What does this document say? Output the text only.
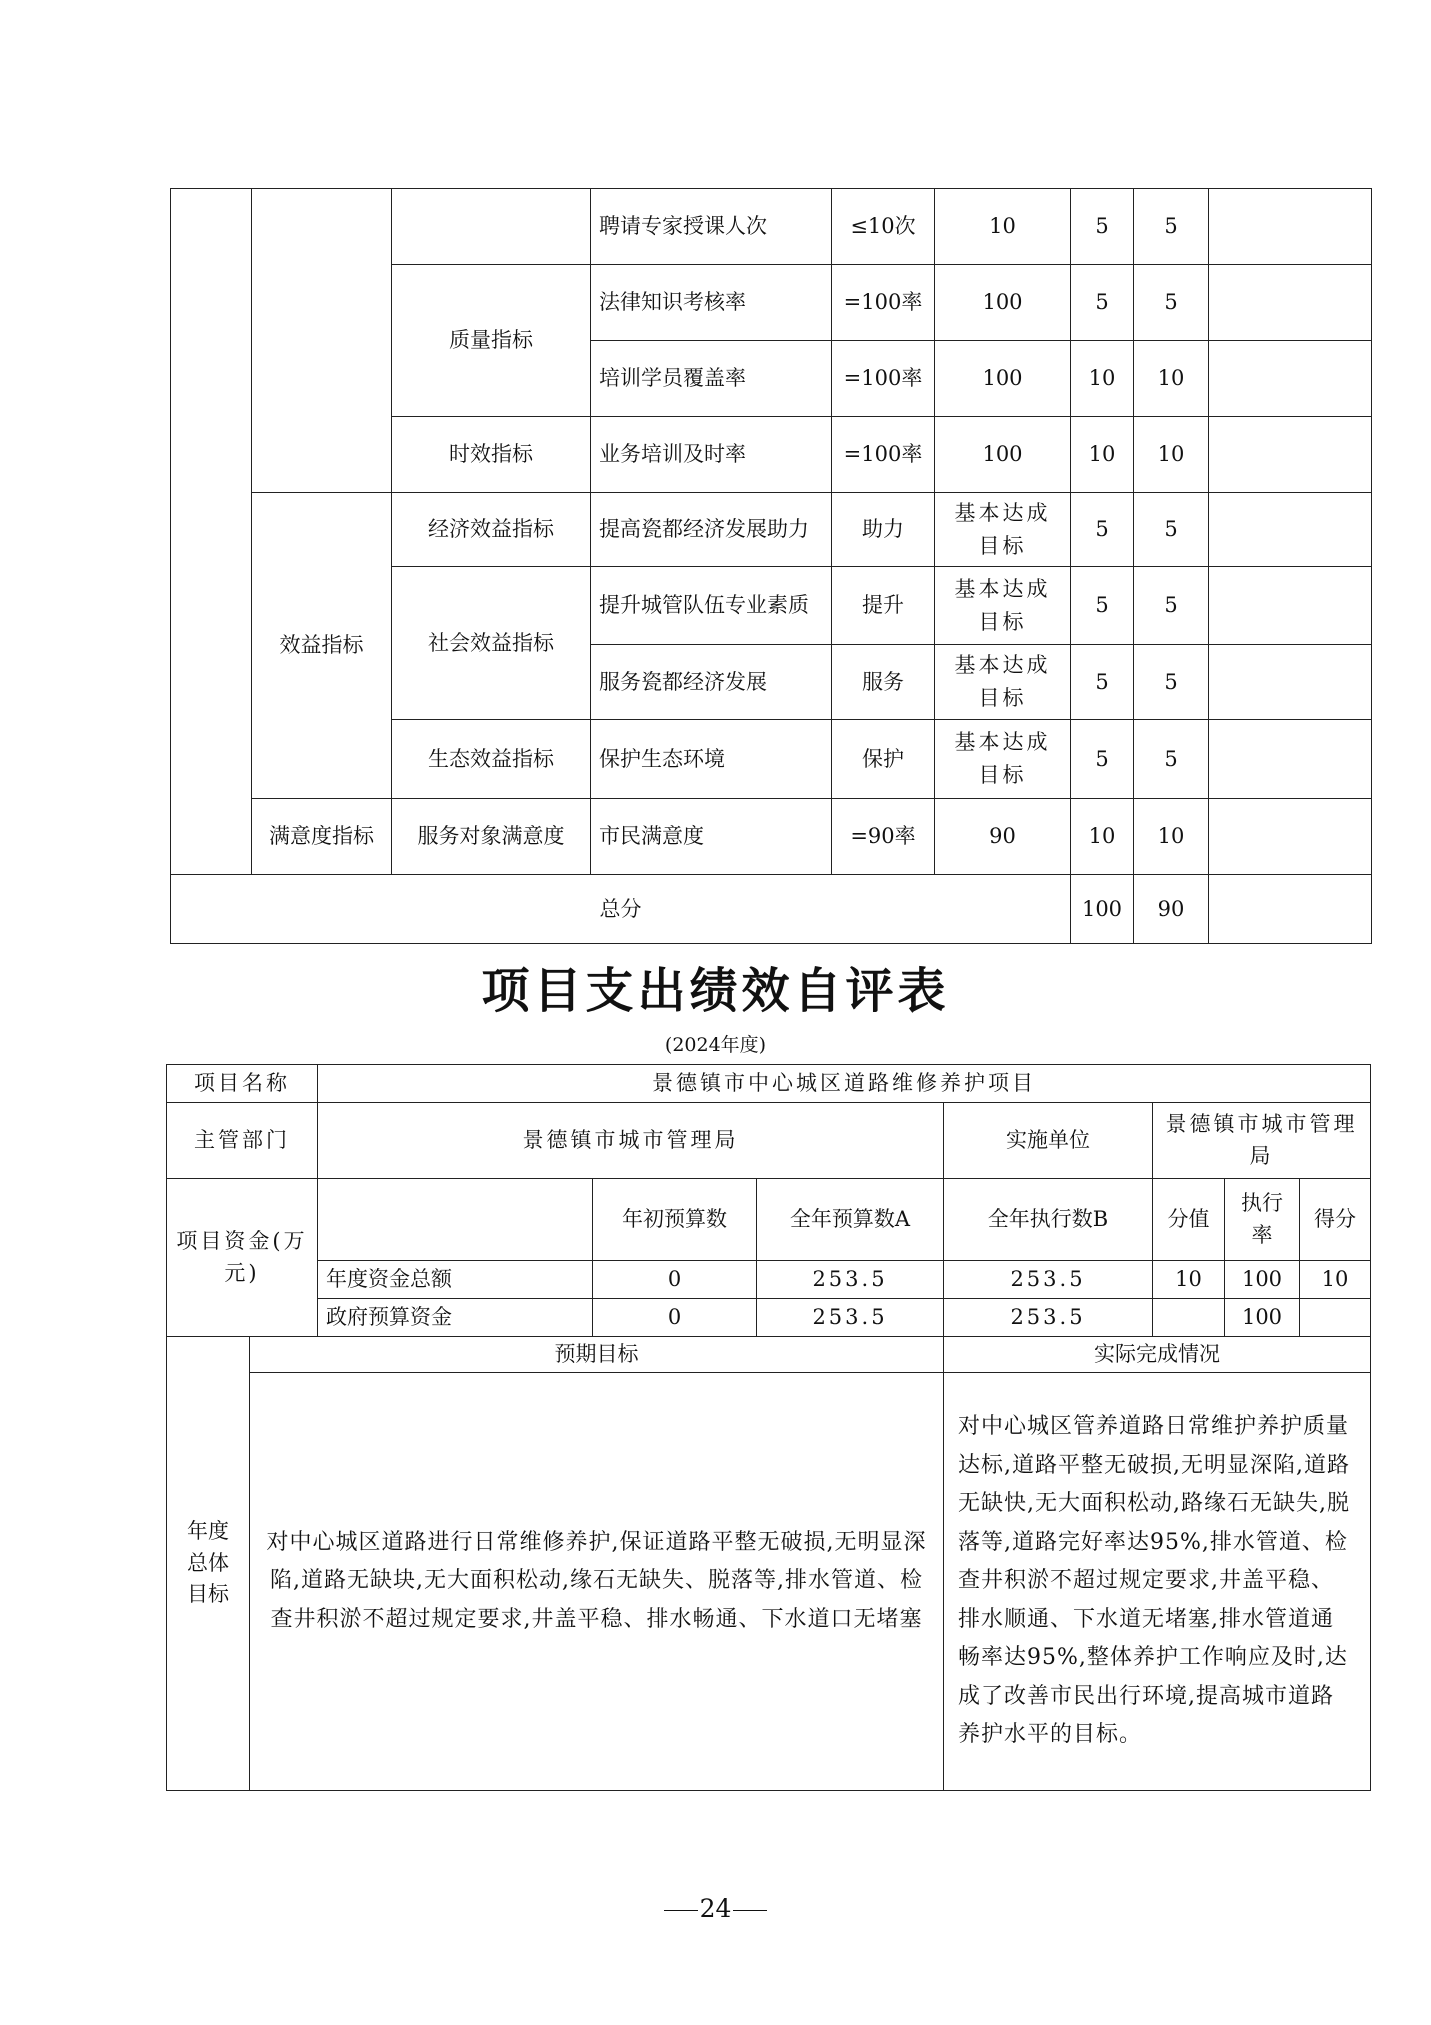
			聘请专家授课人次	≤10次	10	5	5	
		质量指标	法律知识考核率	=100率	100	5	5	
			培训学员覆盖率	=100率	100	10	10	
		时效指标	业务培训及时率	=100率	100	10	10	
	效益指标	经济效益指标	提高瓷都经济发展助力	助力	基本达成目标	5	5	
		社会效益指标	提升城管队伍专业素质	提升	基本达成目标	5	5	
			服务瓷都经济发展	服务	基本达成目标	5	5	
		生态效益指标	保护生态环境	保护	基本达成目标	5	5	
	满意度指标	服务对象满意度	市民满意度	=90率	90	10	10	
总分						100	90	
项目支出绩效自评表
(2024年度)
项目名称		景德镇市中心城区道路维修养护项目						
主管部门		景德镇市城市管理局			实施单位	景德镇市城市管理局		
项目资金(万元)			年初预算数	全年预算数A	全年执行数B	分值	执行率	得分
		年度资金总额	0	253.5	253.5	10	100	10
		政府预算资金	0	253.5	253.5		100	
年度总体目标	预期目标				实际完成情况			
	对中心城区道路进行日常维修养护,保证道路平整无破损,无明显深陷,道路无缺块,无大面积松动,缘石无缺失、脱落等,排水管道、检查井积淤不超过规定要求,井盖平稳、排水畅通、下水道口无堵塞				对中心城区管养道路日常维护养护质量达标,道路平整无破损,无明显深陷,道路无缺快,无大面积松动,路缘石无缺失,脱落等,道路完好率达95%,排水管道、检查井积淤不超过规定要求,井盖平稳、排水顺通、下水道无堵塞,排水管道通畅率达95%,整体养护工作响应及时,达成了改善市民出行环境,提高城市道路养护水平的目标。			
24
